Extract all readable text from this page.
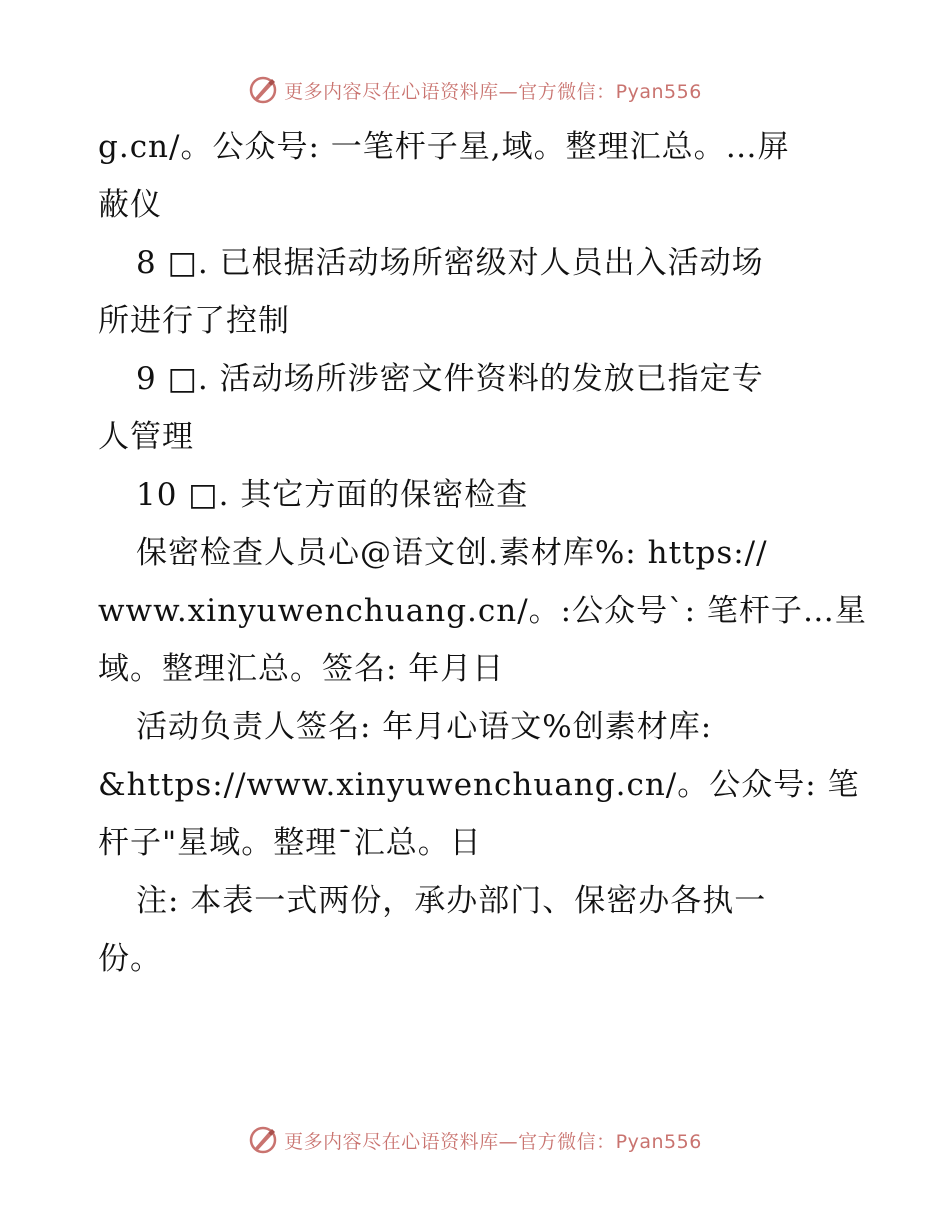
更多内容尽在心语资料库—官方微信：Pyan556
g.cn/。公众号: 一笔杆子星,域。整理汇总。…屏
蔽仪
8 □. 已根据活动场所密级对人员出入活动场
所进行了控制
9 □. 活动场所涉密文件资料的发放已指定专
人管理
10 □. 其它方面的保密检查
保密检查人员心@语文创.素材库%: https://
www.xinyuwenchuang.cn/。:公众号`: 笔杆子…星
域。整理汇总。签名: 年月日
活动负责人签名: 年月心语文%创素材库:
&https://www.xinyuwenchuang.cn/。公众号: 笔
杆子"星域。整理¯汇总。日
注: 本表一式两份，承办部门、保密办各执一
份。
更多内容尽在心语资料库—官方微信：Pyan556
